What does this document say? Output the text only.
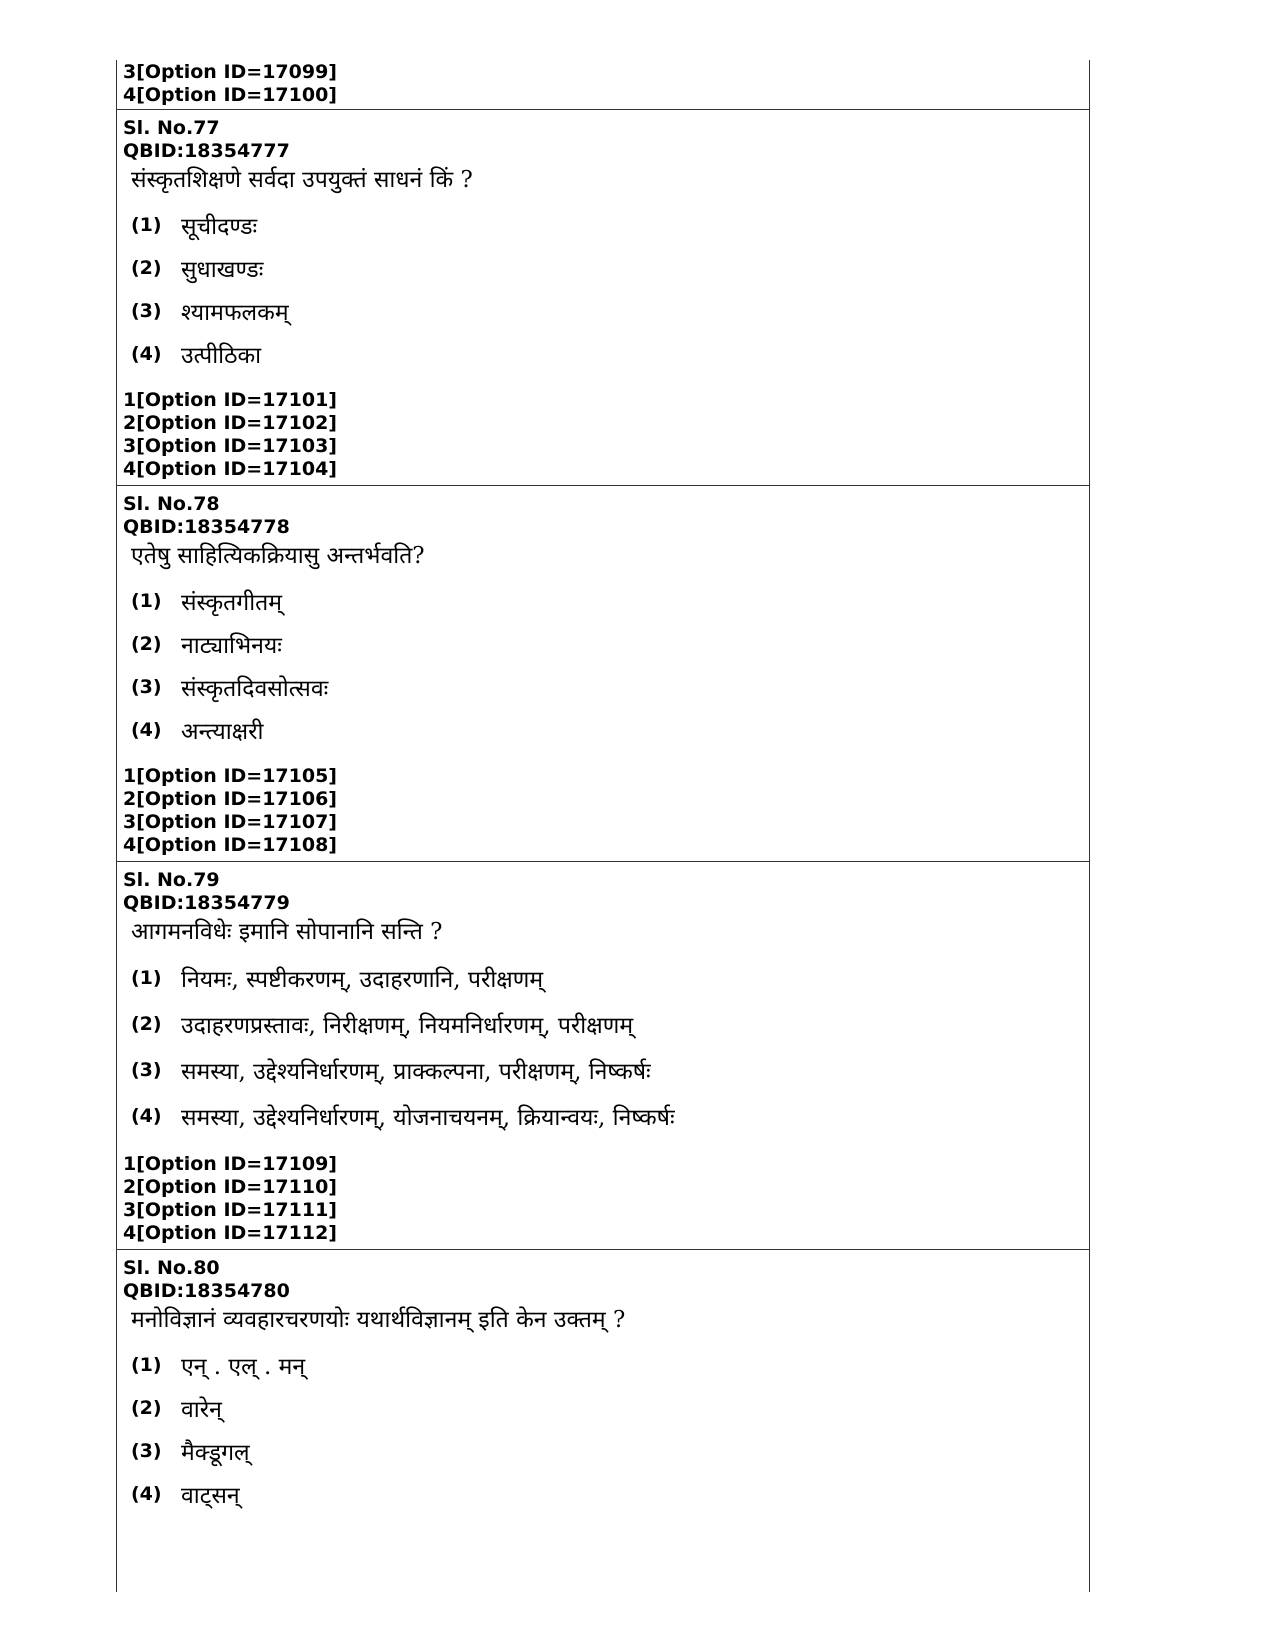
3[Option ID=17099]
4[Option ID=17100]
Sl. No.77
QBID:18354777
संस्कृतशिक्षणे सर्वदा उपयुक्तं साधनं किं ?
(1) सूचीदण्डः
(2) सुधाखण्डः
(3) श्यामफलकम्
(4) उत्पीठिका
1[Option ID=17101]
2[Option ID=17102]
3[Option ID=17103]
4[Option ID=17104]
Sl. No.78
QBID:18354778
एतेषु साहित्यिकक्रियासु अन्तर्भवति?
(1) संस्कृतगीतम्
(2) नाट्याभिनयः
(3) संस्कृतदिवसोत्सवः
(4) अन्त्याक्षरी
1[Option ID=17105]
2[Option ID=17106]
3[Option ID=17107]
4[Option ID=17108]
Sl. No.79
QBID:18354779
आगमनविधेः इमानि सोपानानि सन्ति ?
(1) नियमः, स्पष्टीकरणम्, उदाहरणानि, परीक्षणम्
(2) उदाहरणप्रस्तावः, निरीक्षणम्, नियमनिर्धारणम्, परीक्षणम्
(3) समस्या, उद्देश्यनिर्धारणम्, प्राक्कल्पना, परीक्षणम्, निष्कर्षः
(4) समस्या, उद्देश्यनिर्धारणम्, योजनाचयनम्, क्रियान्वयः, निष्कर्षः
1[Option ID=17109]
2[Option ID=17110]
3[Option ID=17111]
4[Option ID=17112]
Sl. No.80
QBID:18354780
मनोविज्ञानं व्यवहारचरणयोः यथार्थविज्ञानम् इति केन उक्तम् ?
(1) एन् . एल् . मन्
(2) वारेन्
(3) मैक्डूगल्
(4) वाट्सन्
